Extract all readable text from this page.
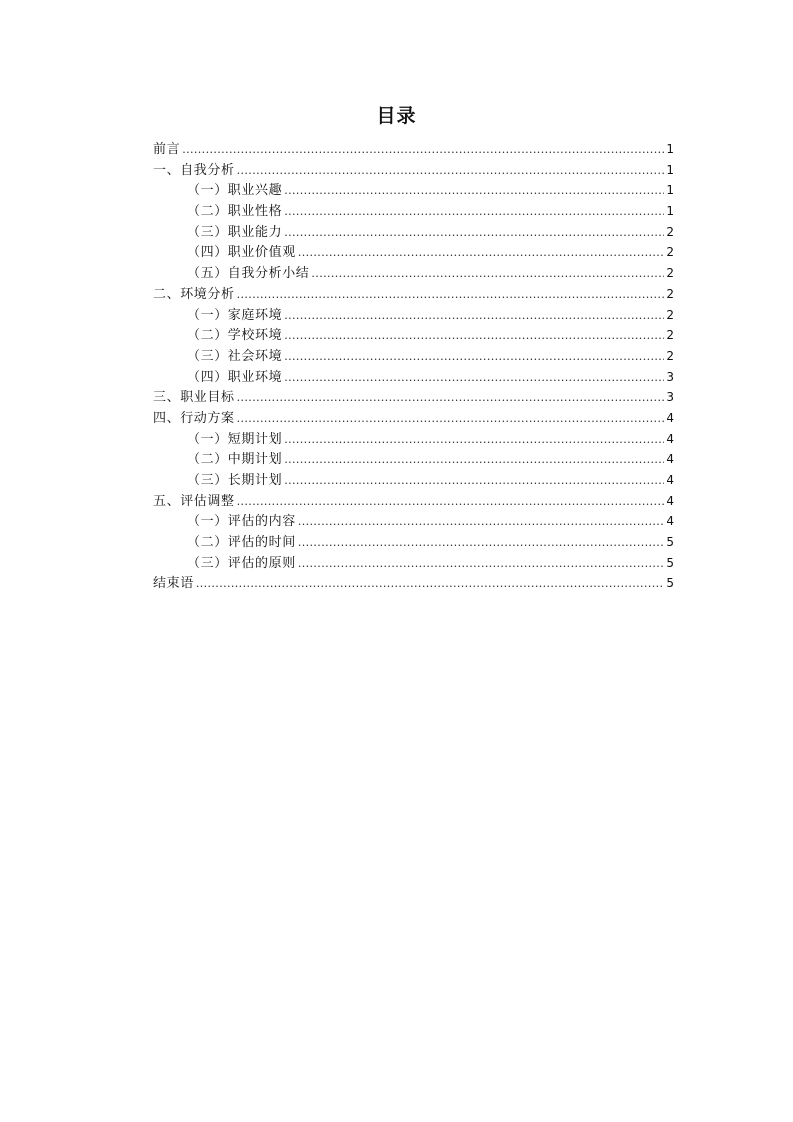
目录
前言 .....	1
一、自我分析 .....	1
（一）职业兴趣 .....	1
（二）职业性格 .....	1
（三）职业能力 .....	2
（四）职业价值观 .....	2
（五）自我分析小结 .....	2
二、环境分析 .....	2
（一）家庭环境 .....	2
（二）学校环境 .....	2
（三）社会环境 .....	2
（四）职业环境 .....	3
三、职业目标 .....	3
四、行动方案 .....	4
（一）短期计划 .....	4
（二）中期计划 .....	4
（三）长期计划 .....	4
五、评估调整 .....	4
（一）评估的内容 .....	4
（二）评估的时间 .....	5
（三）评估的原则 .....	5
结束语 .....	5
